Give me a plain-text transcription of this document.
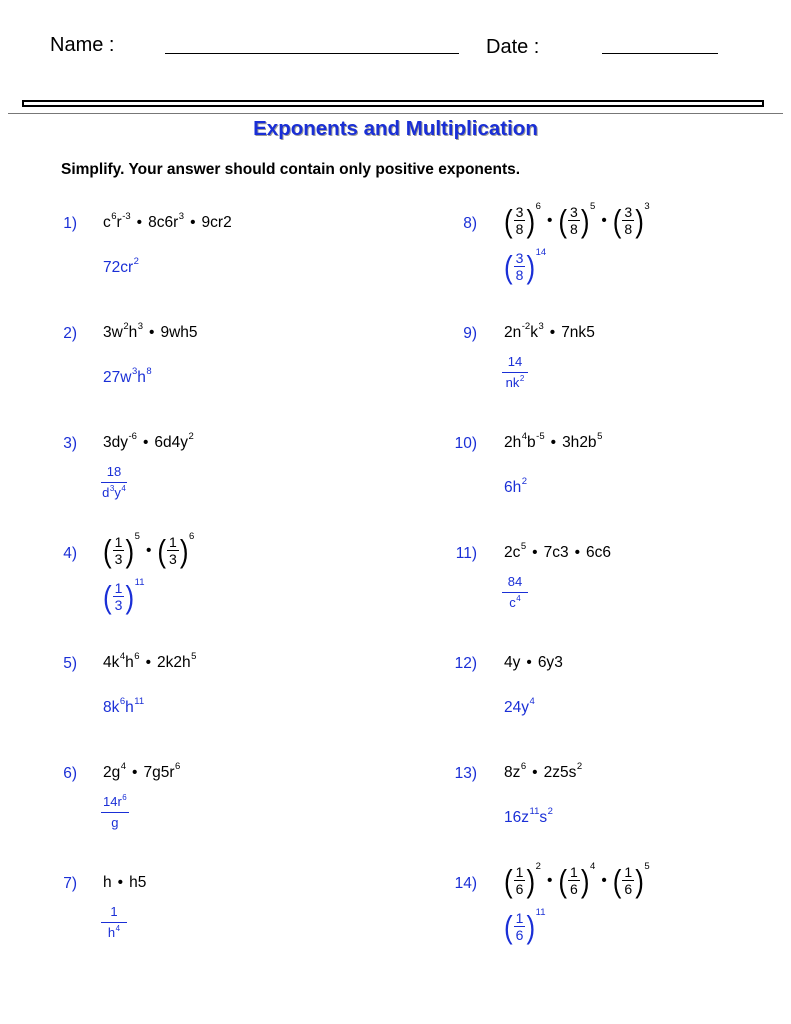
Name :	Date :
Exponents and Multiplication
Simplify. Your answer should contain only positive exponents.
1) $c^6r^{-3}$ • $8c6r^3$ • 9cr2
$72cr^2$
2) $3w^2h^3$ • 9wh5
$27w^3h^8$
3) $3dy^{-6}$ • $6d4y^2$
$\frac{18}{d^3y^4}$
4) ( $\frac{1}{3} )^5$
• ( $\frac{1}{3} )^6$
( $\frac{1}{3} )^{11}$
5) $4k^4h^6$ • $2k2h^5$
$8k^6h^{11}$
6) $2g^4$ • $7g5r^6$
$\frac{14r^6}{g}$
7) h • h5
$\frac{1}{h^4}$
8) ( $\frac{3}{8} )^6$
• ( $\frac{3}{8} )^5$
• ( $\frac{3}{8} )^3$
( $\frac{3}{8} )^{14}$
9) $2n^{-2}k^3$ • 7nk5
$\frac{14}{nk^2}$
10) $2h^4b^{-5}$ • $3h2b^5$
$6h^2$
11) $2c^5$ • 7c3 • 6c6
$\frac{84}{c^4}$
12) 4y • 6y3
$24y^4$
13) $8z^6$ • $2z5s^2$
$16z^{11}s^2$
14) ( $\frac{1}{6} )^2$
• ( $\frac{1}{6} )^4$
• ( $\frac{1}{6} )^5$
( $\frac{1}{6} )^{11}$
